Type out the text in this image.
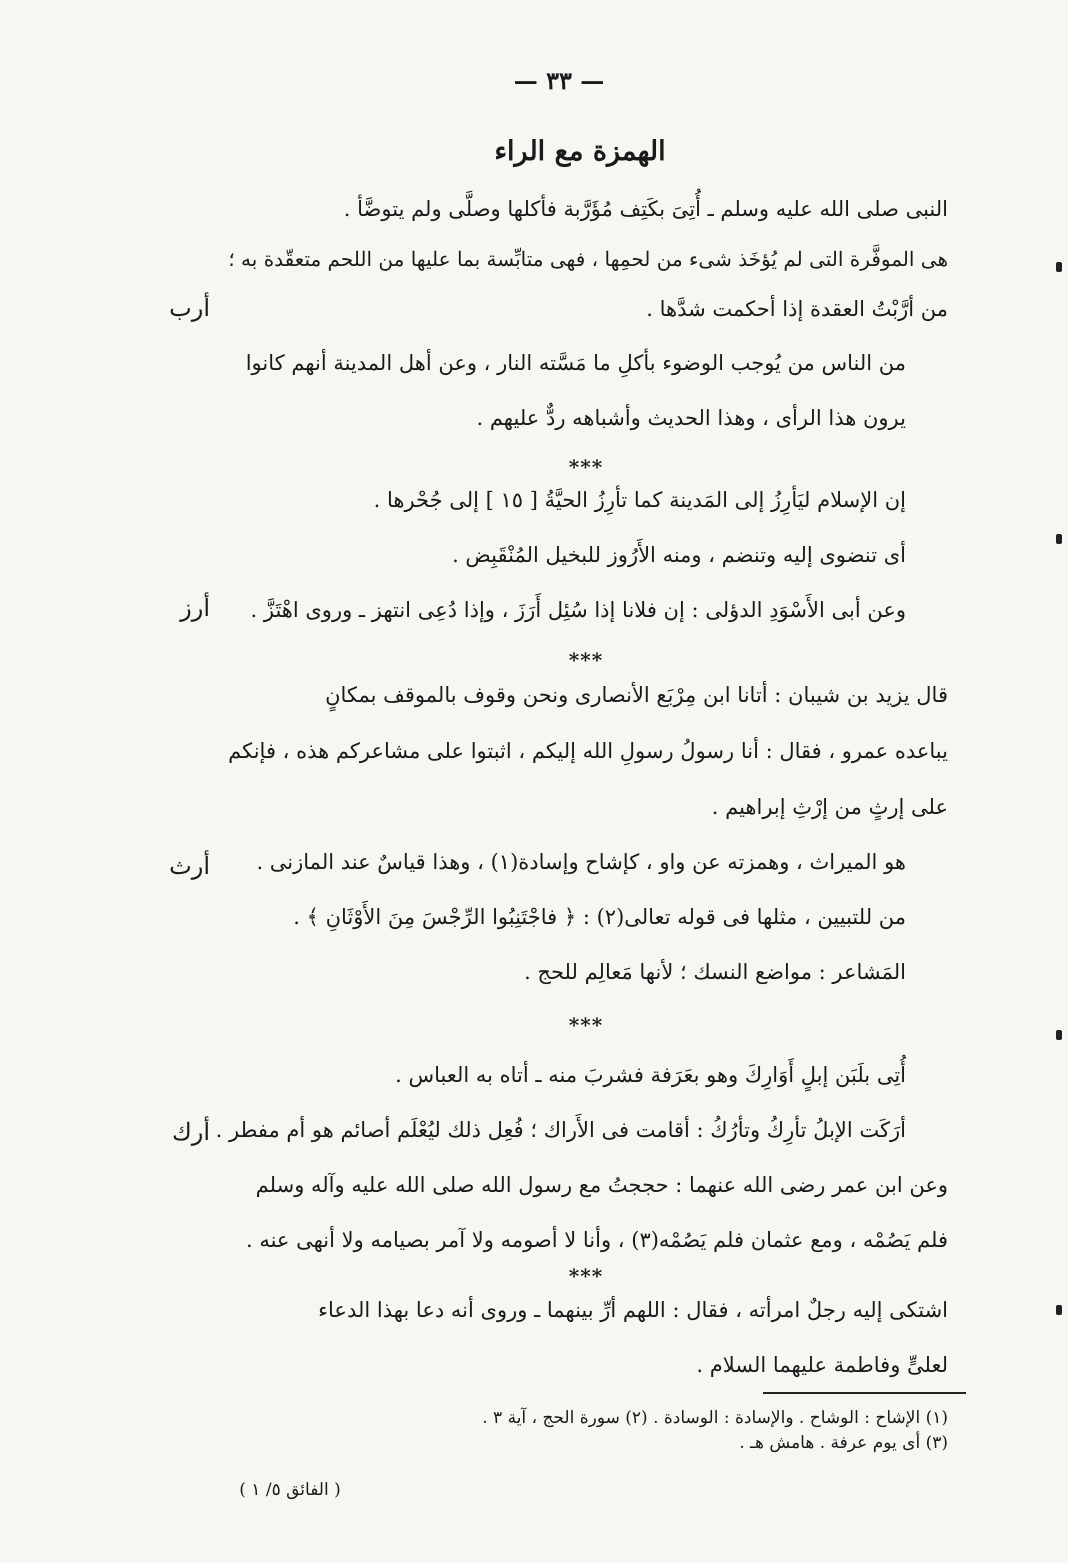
— ٣٣ —
الهمزة مع الراء
النبى صلى الله عليه وسلم ـ أُتِىَ بكَتِف مُؤَرَّبة فأكلها وصلَّى ولم يتوضَّأ .
هى الموفَّرة التى لم يُؤخَذ شىء من لحمِها ، فهى متابِّسة بما عليها من اللحم متعقّدة به ؛
من أرَّبْتُ العقدة إذا أحكمت شدَّها .
من الناس من يُوجب الوضوء بأكلِ ما مَسَّته النار ، وعن أهل المدينة أنهم كانوا
يرون هذا الرأى ، وهذا الحديث وأشباهه ردٌّ عليهم .
***
إن الإسلام ليَأرِزُ إلى المَدينة كما تأرِزُ الحيَّةُ [ ١٥ ] إلى جُحْرها .
أى تنضوى إليه وتنضم ، ومنه الأَرُوز للبخيل المُنْقَبِض .
وعن أبى الأَسْوَدِ الدؤلى : إن فلانا إذا سُئِل أَرَزَ ، وإذا دُعِى انتهز ـ وروى اهْتَزَّ .
***
قال يزيد بن شيبان : أتانا ابن مِرْبَع الأنصارى ونحن وقوف بالموقف بمكانٍ
يباعده عمرو ، فقال : أنا رسولُ رسولِ الله إليكم ، اثبتوا على مشاعركم هذه ، فإنكم
على إرثٍ من إرْثِ إبراهيم .
هو الميراث ، وهمزته عن واو ، كإشاح وإسادة(١) ، وهذا قياسٌ عند المازنى .
من للتبيين ، مثلها فى قوله تعالى(٢) : ﴿ فاجْتَنِبُوا الرِّجْسَ مِنَ الأَوْثَانِ ﴾ .
المَشاعر : مواضع النسك ؛ لأنها مَعالِم للحج .
***
أُتِى بلَبَن إبلٍ أَوَارِكَ وهو بعَرَفة فشربَ منه ـ أتاه به العباس .
أرَكَت الإبلُ تأرِكُ وتأرُكُ : أقامت فى الأَراك ؛ فُعِل ذلك ليُعْلَم أصائم هو أم مفطر .
وعن ابن عمر رضى الله عنهما : حججتُ مع رسول الله صلى الله عليه وآله وسلم
فلم يَصُمْه ، ومع عثمان فلم يَصُمْه(٣) ، وأنا لا أصومه ولا آمر بصيامه ولا أنهى عنه .
***
اشتكى إليه رجلٌ امرأته ، فقال : اللهم أرِّ بينهما ـ وروى أنه دعا بهذا الدعاء
لعلىٍّ وفاطمة عليهما السلام .
أرب
أرز
أرث
أرك
(١) الإشاح : الوشاح . والإسادة : الوسادة . (٢) سورة الحج ، آية ٣ .
(٣) أى يوم عرفة . هامش هـ .
( الفائق ٥/ ١ )
